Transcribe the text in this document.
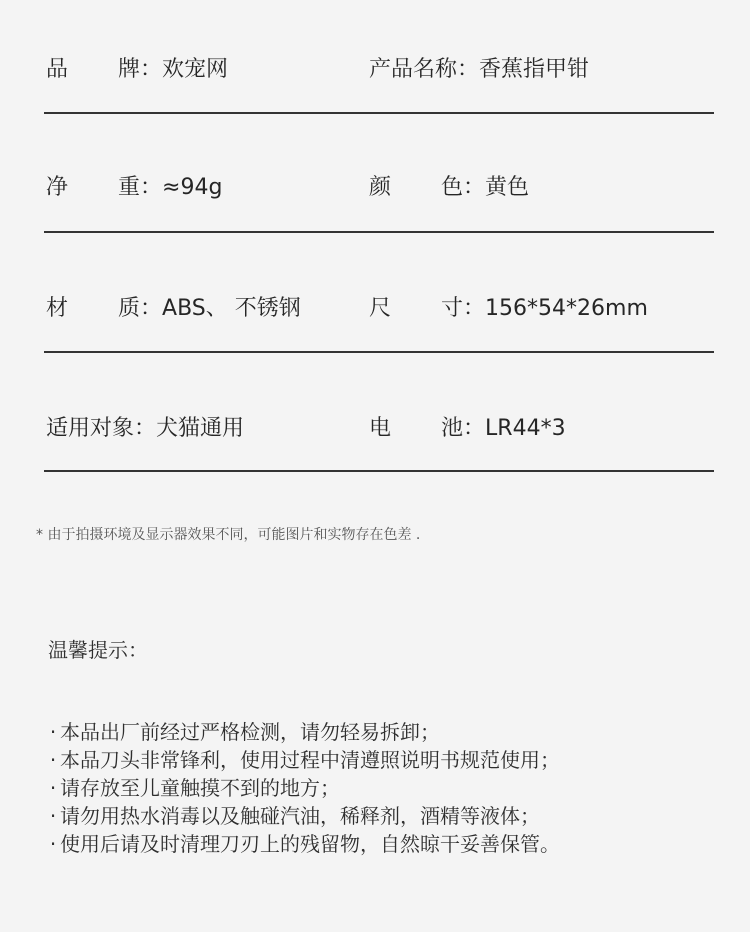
品 牌：欢宠网	产品名称：香蕉指甲钳
净 重：≈94g	颜 色：黄色
材 质：ABS、 不锈钢	尺 寸：156*54*26mm
适用对象：犬猫通用	电 池：LR44*3
* 由于拍摄环境及显示器效果不同，可能图片和实物存在色差 .
温馨提示：
· 本品出厂前经过严格检测，请勿轻易拆卸；
· 本品刀头非常锋利，使用过程中清遵照说明书规范使用；
· 请存放至儿童触摸不到的地方；
· 请勿用热水消毒以及触碰汽油，稀释剂，酒精等液体；
· 使用后请及时清理刀刃上的残留物，自然晾干妥善保管。
